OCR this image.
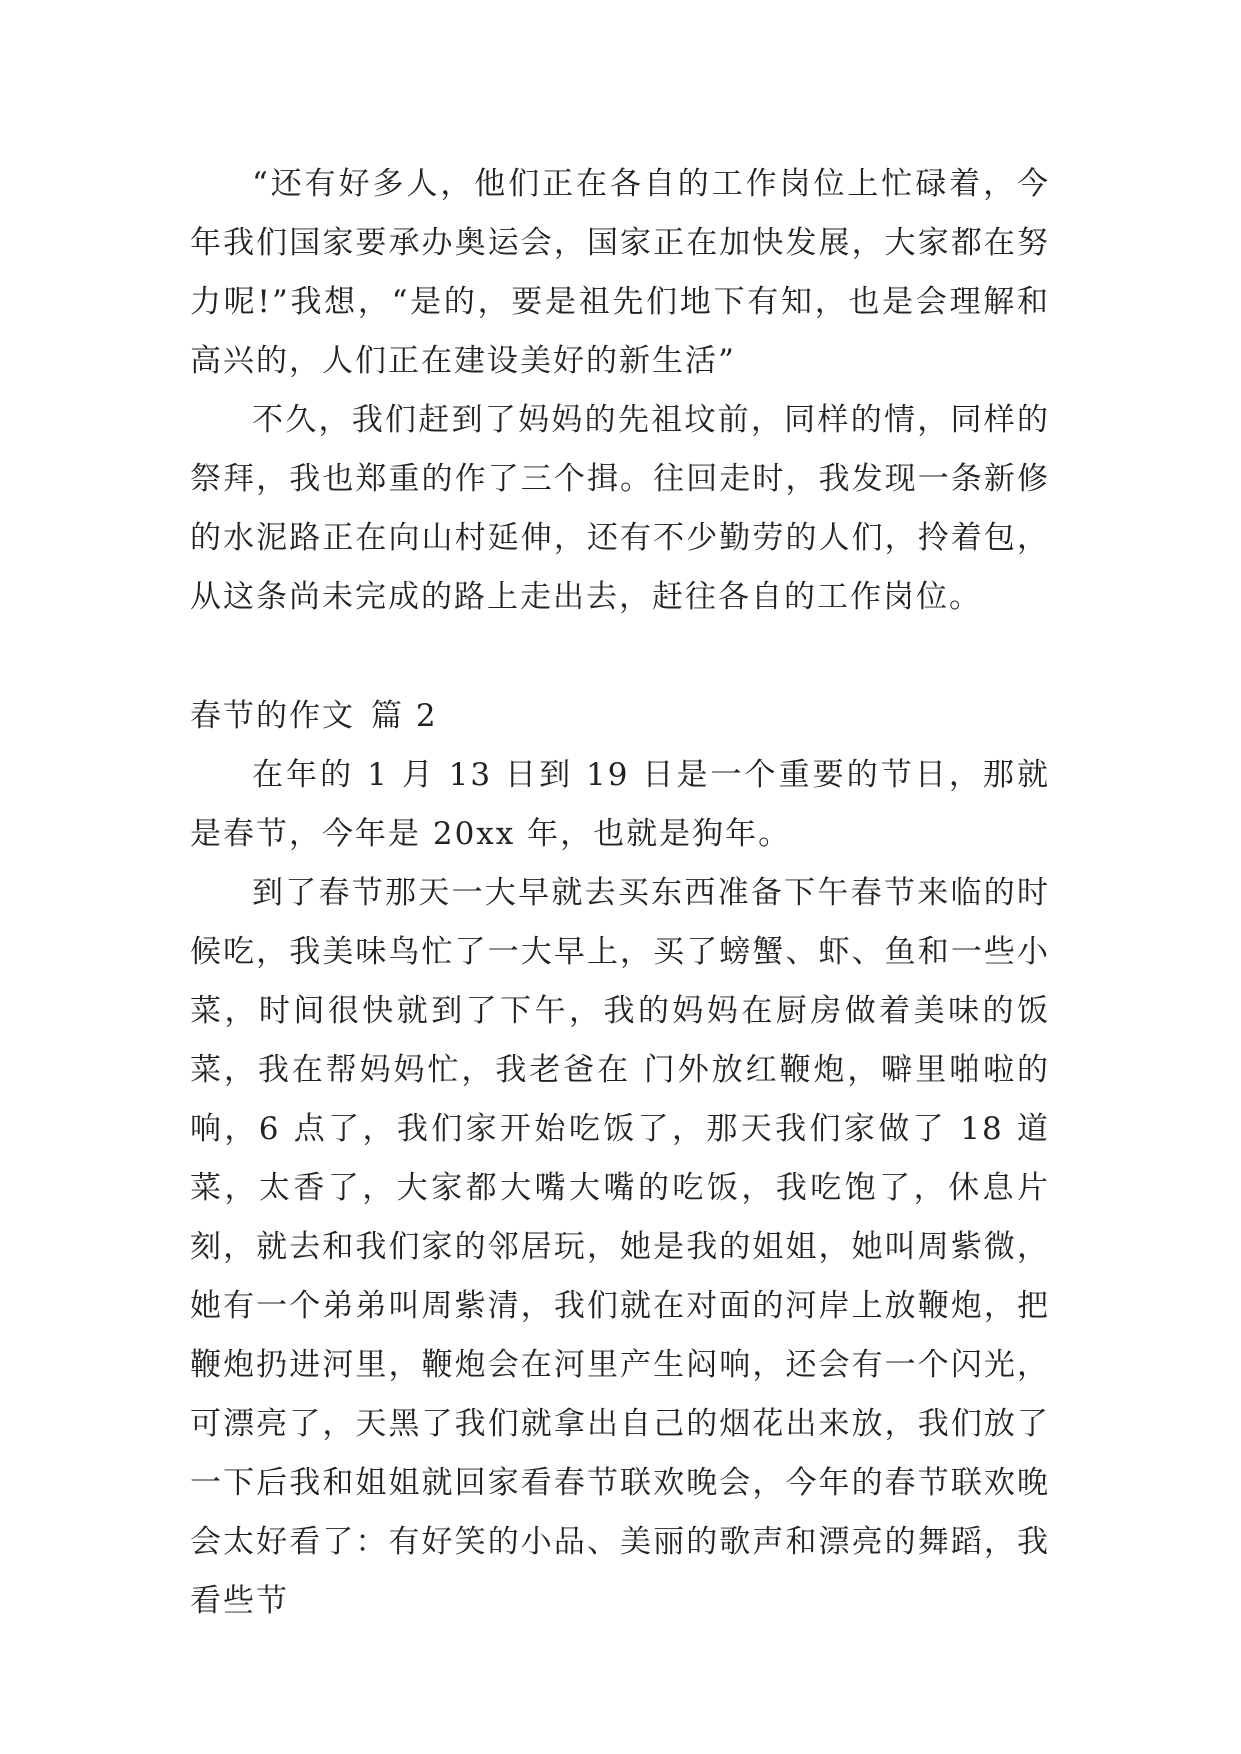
“还有好多人，他们正在各自的工作岗位上忙碌着，今年我们国家要承办奥运会，国家正在加快发展，大家都在努力呢!”我想，“是的，要是祖先们地下有知，也是会理解和高兴的，人们正在建设美好的新生活”

不久，我们赶到了妈妈的先祖坟前，同样的情，同样的祭拜，我也郑重的作了三个揖。往回走时，我发现一条新修的水泥路正在向山村延伸，还有不少勤劳的人们，拎着包，从这条尚未完成的路上走出去，赶往各自的工作岗位。

春节的作文 篇 2

在年的 1 月 13 日到 19 日是一个重要的节日，那就是春节，今年是 20xx 年，也就是狗年。

到了春节那天一大早就去买东西准备下午春节来临的时候吃，我美味鸟忙了一大早上，买了螃蟹、虾、鱼和一些小菜，时间很快就到了下午，我的妈妈在厨房做着美味的饭菜，我在帮妈妈忙，我老爸在 门外放红鞭炮，噼里啪啦的响，6 点了，我们家开始吃饭了，那天我们家做了 18 道菜，太香了，大家都大嘴大嘴的吃饭，我吃饱了，休息片刻，就去和我们家的邻居玩，她是我的姐姐，她叫周紫微，她有一个弟弟叫周紫清，我们就在对面的河岸上放鞭炮，把鞭炮扔进河里，鞭炮会在河里产生闷响，还会有一个闪光，可漂亮了，天黑了我们就拿出自己的烟花出来放，我们放了一下后我和姐姐就回家看春节联欢晚会，今年的春节联欢晚会太好看了：有好笑的小品、美丽的歌声和漂亮的舞蹈，我看些节
